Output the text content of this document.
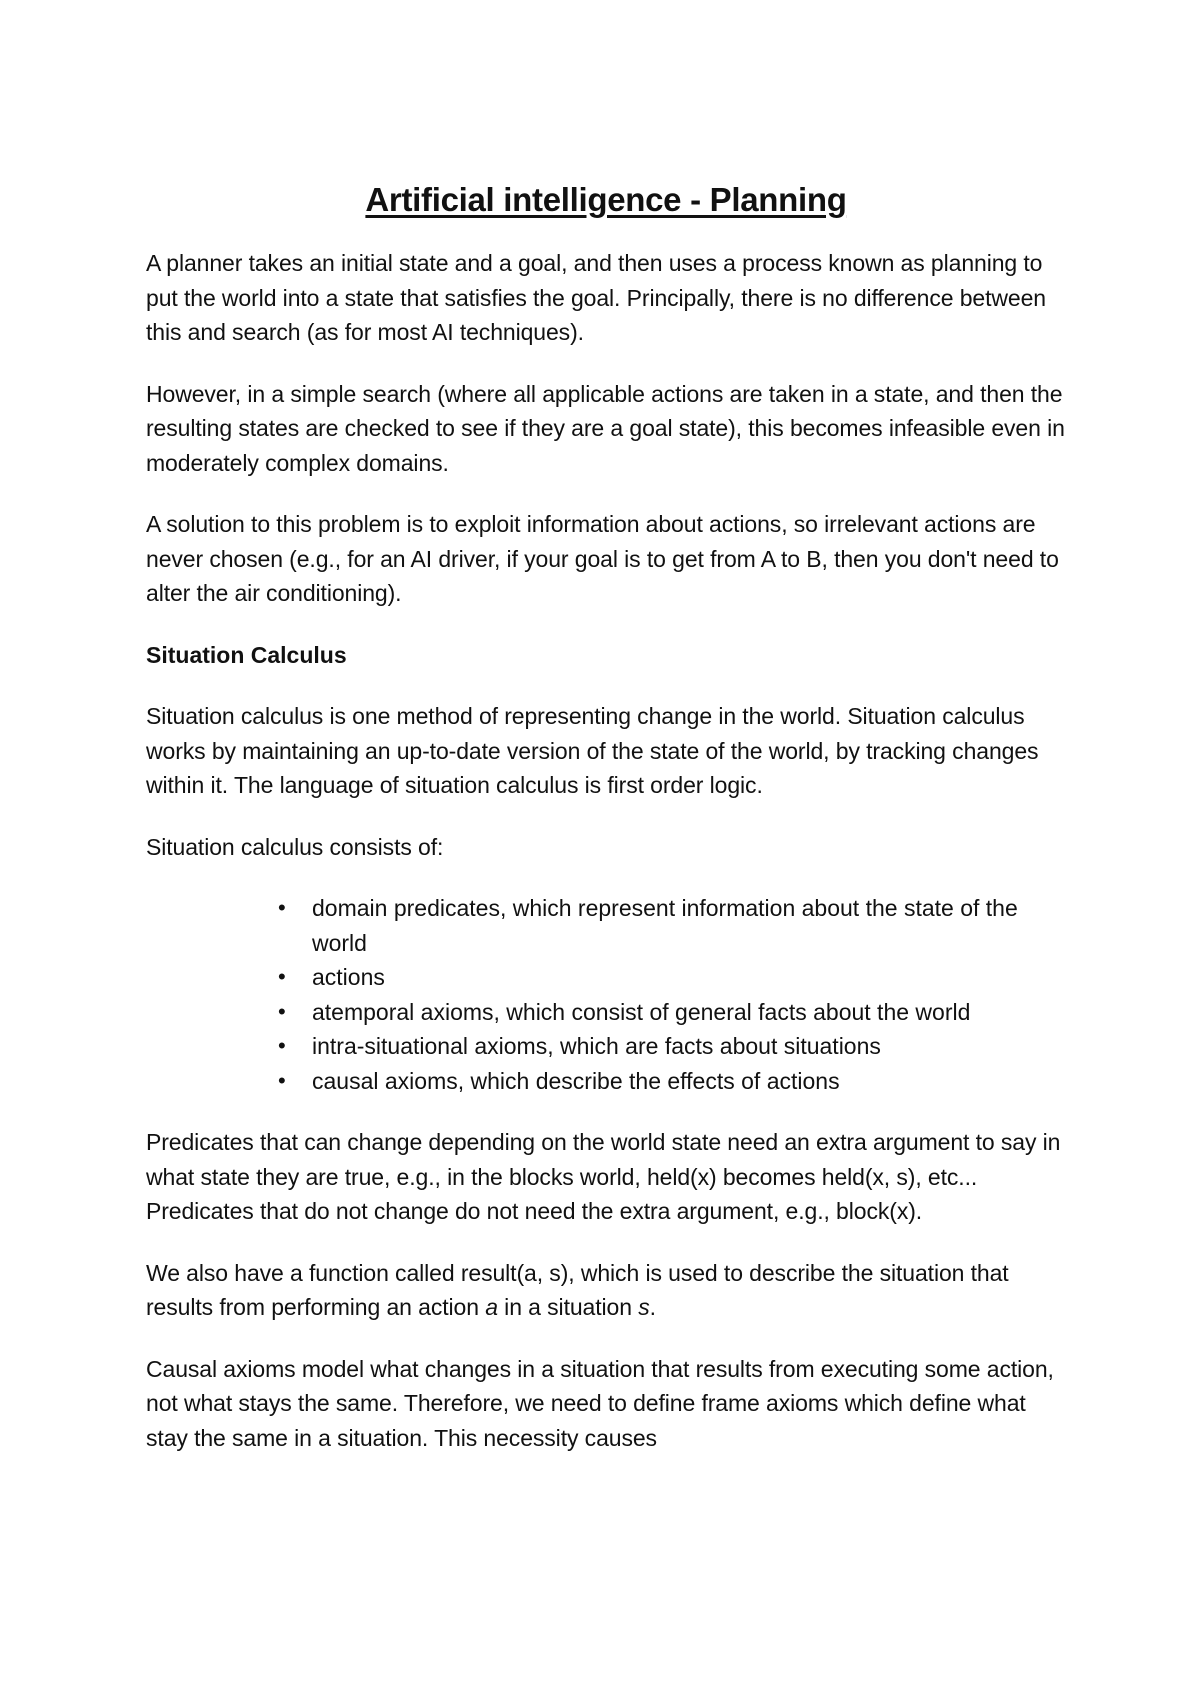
Artificial intelligence - Planning

A planner takes an initial state and a goal, and then uses a process known as planning to put the world into a state that satisfies the goal. Principally, there is no difference between this and search (as for most AI techniques).

However, in a simple search (where all applicable actions are taken in a state, and then the resulting states are checked to see if they are a goal state), this becomes infeasible even in moderately complex domains.

A solution to this problem is to exploit information about actions, so irrelevant actions are never chosen (e.g., for an AI driver, if your goal is to get from A to B, then you don't need to alter the air conditioning).

Situation Calculus

Situation calculus is one method of representing change in the world. Situation calculus works by maintaining an up-to-date version of the state of the world, by tracking changes within it. The language of situation calculus is first order logic.

Situation calculus consists of:

• domain predicates, which represent information about the state of the world
• actions
• atemporal axioms, which consist of general facts about the world
• intra-situational axioms, which are facts about situations
• causal axioms, which describe the effects of actions

Predicates that can change depending on the world state need an extra argument to say in what state they are true, e.g., in the blocks world, held(x) becomes held(x, s), etc... Predicates that do not change do not need the extra argument, e.g., block(x).

We also have a function called result(a, s), which is used to describe the situation that results from performing an action a in a situation s.

Causal axioms model what changes in a situation that results from executing some action, not what stays the same. Therefore, we need to define frame axioms which define what stay the same in a situation. This necessity causes
